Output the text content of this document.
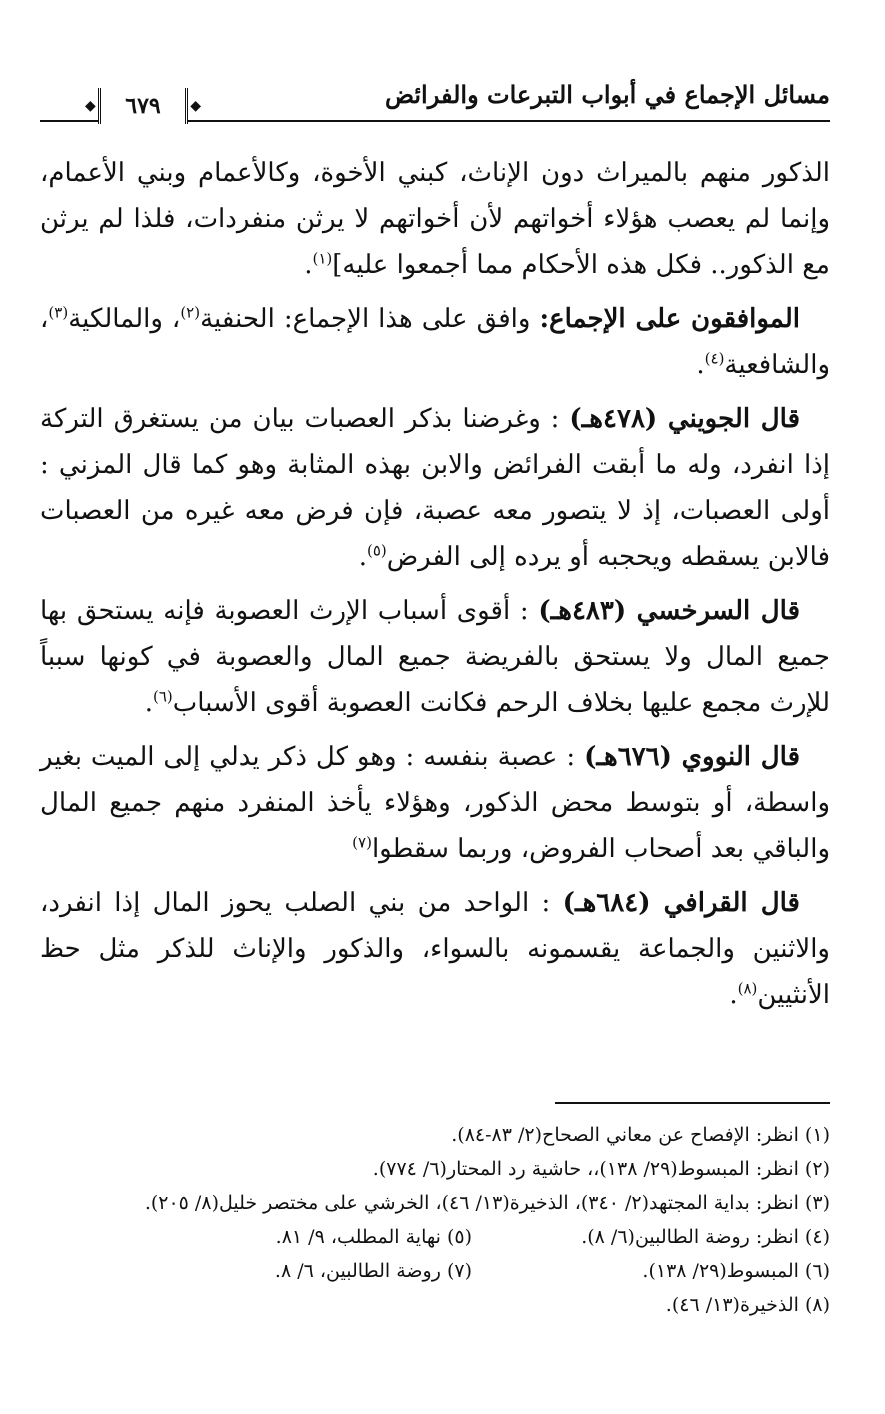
مسائل الإجماع في أبواب التبرعات والفرائض
◆ ٦٧٩ ◆

الذكور منهم بالميراث دون الإناث، كبني الأخوة، وكالأعمام وبني الأعمام، وإنما لم يعصب هؤلاء أخواتهم لأن أخواتهم لا يرثن منفردات، فلذا لم يرثن مع الذكور.. فكل هذه الأحكام مما أجمعوا عليه]$^{(١)}$.

الموافقون على الإجماع: وافق على هذا الإجماع: الحنفية$^{(٢)}$، والمالكية$^{(٣)}$، والشافعية$^{(٤)}$.

قال الجويني (٤٧٨هـ) : وغرضنا بذكر العصبات بيان من يستغرق التركة إذا انفرد، وله ما أبقت الفرائض والابن بهذه المثابة وهو كما قال المزني : أولى العصبات، إذ لا يتصور معه عصبة، فإن فرض معه غيره من العصبات فالابن يسقطه ويحجبه أو يرده إلى الفرض$^{(٥)}$.

قال السرخسي (٤٨٣هـ) : أقوى أسباب الإرث العصوبة فإنه يستحق بها جميع المال ولا يستحق بالفريضة جميع المال والعصوبة في كونها سبباً للإرث مجمع عليها بخلاف الرحم فكانت العصوبة أقوى الأسباب$^{(٦)}$.

قال النووي (٦٧٦هـ) : عصبة بنفسه : وهو كل ذكر يدلي إلى الميت بغير واسطة، أو بتوسط محض الذكور، وهؤلاء يأخذ المنفرد منهم جميع المال والباقي بعد أصحاب الفروض، وربما سقطوا$^{(٧)}$

قال القرافي (٦٨٤هـ) : الواحد من بني الصلب يحوز المال إذا انفرد، والاثنين والجماعة يقسمونه بالسواء، والذكور والإناث للذكر مثل حظ الأنثيين$^{(٨)}$.

(١) انظر: الإفصاح عن معاني الصحاح(٢/ ٨٣-٨٤).
(٢) انظر: المبسوط(٢٩/ ١٣٨)،، حاشية رد المحتار(٦/ ٧٧٤).
(٣) انظر: بداية المجتهد(٢/ ٣٤٠)، الذخيرة(١٣/ ٤٦)، الخرشي على مختصر خليل(٨/ ٢٠٥).
(٤) انظر: روضة الطالبين(٦/ ٨).
(٥) نهاية المطلب، ٩/ ٨١.
(٦) المبسوط(٢٩/ ١٣٨).
(٧) روضة الطالبين، ٦/ ٨.
(٨) الذخيرة(١٣/ ٤٦).
